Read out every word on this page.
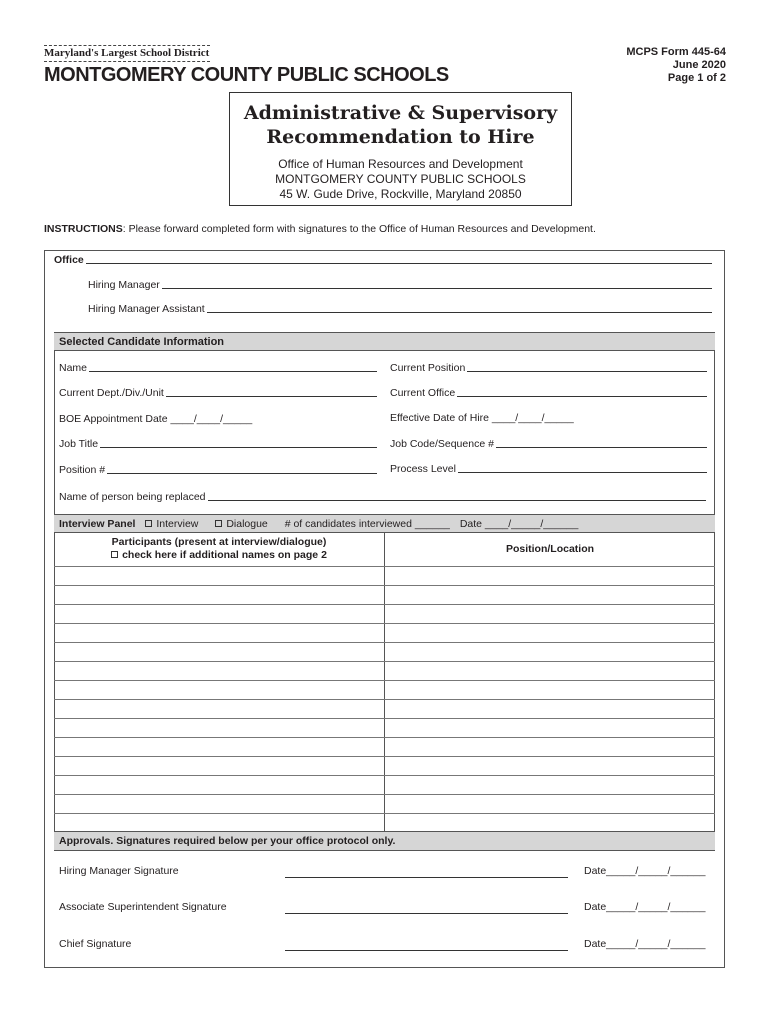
Maryland's Largest School District
MONTGOMERY COUNTY PUBLIC SCHOOLS
MCPS Form 445-64
June 2020
Page 1 of 2
Administrative & Supervisory
Recommendation to Hire
Office of Human Resources and Development
MONTGOMERY COUNTY PUBLIC SCHOOLS
45 W. Gude Drive, Rockville, Maryland 20850
INSTRUCTIONS: Please forward completed form with signatures to the Office of Human Resources and Development.
Office
Hiring Manager
Hiring Manager Assistant
Selected Candidate Information
Name	Current Position
Current Dept./Div./Unit	Current Office
BOE Appointment Date ____/____/_____	Effective Date of Hire ____/____/_____
Job Title	Job Code/Sequence #
Position #	Process Level
Name of person being replaced
Interview Panel Interview	Dialogue # of candidates interviewed ______ Date ____/_____/______
Participants (present at interview/dialogue)
check here if additional names on page 2	Position/Location
Approvals. Signatures required below per your office protocol only.
Hiring Manager Signature	Date_____/_____/______
Associate Superintendent Signature	Date_____/_____/______
Chief Signature	Date_____/_____/______
